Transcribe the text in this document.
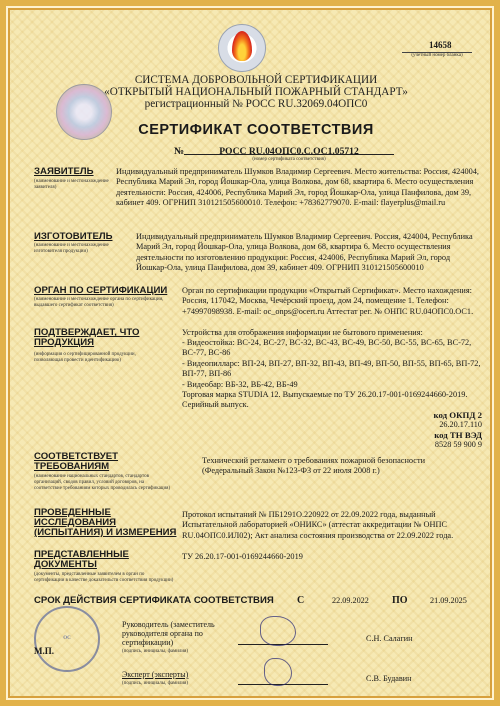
14658
(учетный номер бланка)
СИСТЕМА ДОБРОВОЛЬНОЙ СЕРТИФИКАЦИИ
«ОТКРЫТЫЙ НАЦИОНАЛЬНЫЙ ПОЖАРНЫЙ СТАНДАРТ»
регистрационный № РОСС RU.32069.04ОПС0
СЕРТИФИКАТ СООТВЕТСТВИЯ
№	РОСС RU.04ОПС0.С.ОС1.05712
(номер сертификата соответствия)
ЗАЯВИТЕЛЬ
(наименование и местонахождение заявителя)
Индивидуальный предприниматель Шумков Владимир Сергеевич. Место жительства: Россия, 424004, Республика Марий Эл, город Йошкар-Ола, улица Волкова, дом 68, квартира 6. Место осуществления деятельности: Россия, 424006, Республика Марий Эл, город Йошкар-Ола, улица Панфилова, дом 39, кабинет 409. ОГРНИП 310121505600010. Телефон: +78362779070. E-mail: flayerplus@mail.ru
ИЗГОТОВИТЕЛЬ
(наименование и местонахождение изготовителя продукции)
Индивидуальный предприниматель Шумков Владимир Сергеевич. Россия, 424004, Республика Марий Эл, город Йошкар-Ола, улица Волкова, дом 68, квартира 6. Место осуществления деятельности по изготовлению продукции: Россия, 424006, Республика Марий Эл, город Йошкар-Ола, улица Панфилова, дом 39, кабинет 409. ОГРНИП 310121505600010
ОРГАН ПО СЕРТИФИКАЦИИ
(наименование и местонахождение органа по сертификации, выдавшего сертификат соответствия)
Орган по сертификации продукции «Открытый Сертификат». Место нахождения: Россия, 117042, Москва, Чечёрский проезд, дом 24, помещение 1. Телефон: +74997098938. E-mail: oc_onps@ocert.ru Аттестат рег. № ОНПС RU.04ОПС0.ОС1.
ПОДТВЕРЖДАЕТ, ЧТО ПРОДУКЦИЯ
(информация о сертифицированной продукции, позволяющая провести идентификацию)
Устройства для отображения информации не бытового применения:
- Видеостойка: ВС-24, ВС-27, ВС-32, ВС-43, ВС-49, ВС-50, ВС-55, ВС-65, ВС-72, ВС-77, ВС-86
- Видеопилларс: ВП-24, ВП-27, ВП-32, ВП-43, ВП-49, ВП-50, ВП-55, ВП-65, ВП-72, ВП-77, ВП-86
- Видеобар: ВБ-32, ВБ-42, ВБ-49
Торговая марка STUDIA 12. Выпускаемые по ТУ 26.20.17-001-0169244660-2019. Серийный выпуск.
код ОКПД 2
26.20.17.110
код ТН ВЭД
8528 59 900 9
СООТВЕТСТВУЕТ ТРЕБОВАНИЯМ
(наименование национальных стандартов, стандартов организаций, сводов правил, условий договоров, на соответствие требованиям которых проводилась сертификация)
Технический регламент о требованиях пожарной безопасности (Федеральный Закон №123-ФЗ от 22 июля 2008 г.)
ПРОВЕДЕННЫЕ ИССЛЕДОВАНИЯ (ИСПЫТАНИЯ) И ИЗМЕРЕНИЯ
Протокол испытаний № ПБ1291О.220922 от 22.09.2022 года, выданный Испытательной лабораторией «ОНИКС» (аттестат аккредитации № ОНПС RU.04ОПС0.ИЛ02); Акт анализа состояния производства от 22.09.2022 года.
ПРЕДСТАВЛЕННЫЕ ДОКУМЕНТЫ
(документы, представленные заявителем в орган по сертификации в качестве доказательств соответствия продукции)
ТУ 26.20.17-001-0169244660-2019
СРОК ДЕЙСТВИЯ СЕРТИФИКАТА СООТВЕТСТВИЯ С	22.09.2022 ПО	21.09.2025
ОС
М.П.
Руководитель (заместитель руководителя органа по сертификации)
(подпись, инициалы, фамилия)
С.Н. Салагин
Эксперт (эксперты)
(подпись, инициалы, фамилия)
С.В. Будавин
